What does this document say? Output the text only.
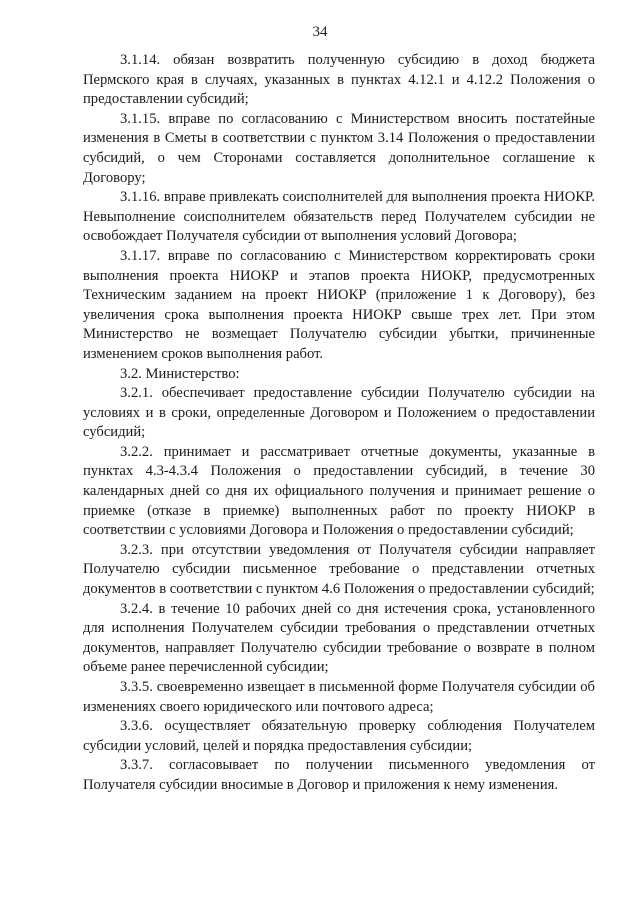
34

3.1.14. обязан возвратить полученную субсидию в доход бюджета Пермского края в случаях, указанных в пунктах 4.12.1 и 4.12.2 Положения о предоставлении субсидий;

3.1.15. вправе по согласованию с Министерством вносить постатейные изменения в Сметы в соответствии с пунктом 3.14 Положения о предоставлении субсидий, о чем Сторонами составляется дополнительное соглашение к Договору;

3.1.16. вправе привлекать соисполнителей для выполнения проекта НИОКР. Невыполнение соисполнителем обязательств перед Получателем субсидии не освобождает Получателя субсидии от выполнения условий Договора;

3.1.17. вправе по согласованию с Министерством корректировать сроки выполнения проекта НИОКР и этапов проекта НИОКР, предусмотренных Техническим заданием на проект НИОКР (приложение 1 к Договору), без увеличения срока выполнения проекта НИОКР свыше трех лет. При этом Министерство не возмещает Получателю субсидии убытки, причиненные изменением сроков выполнения работ.

3.2. Министерство:

3.2.1. обеспечивает предоставление субсидии Получателю субсидии на условиях и в сроки, определенные Договором и Положением о предоставлении субсидий;

3.2.2. принимает и рассматривает отчетные документы, указанные в пунктах 4.3-4.3.4 Положения о предоставлении субсидий, в течение 30 календарных дней со дня их официального получения и принимает решение о приемке (отказе в приемке) выполненных работ по проекту НИОКР в соответствии с условиями Договора и Положения о предоставлении субсидий;

3.2.3. при отсутствии уведомления от Получателя субсидии направляет Получателю субсидии письменное требование о представлении отчетных документов в соответствии с пунктом 4.6 Положения о предоставлении субсидий;

3.2.4. в течение 10 рабочих дней со дня истечения срока, установленного для исполнения Получателем субсидии требования о представлении отчетных документов, направляет Получателю субсидии требование о возврате в полном объеме ранее перечисленной субсидии;

3.3.5. своевременно извещает в письменной форме Получателя субсидии об изменениях своего юридического или почтового адреса;

3.3.6. осуществляет обязательную проверку соблюдения Получателем субсидии условий, целей и порядка предоставления субсидии;

3.3.7. согласовывает по получении письменного уведомления от Получателя субсидии вносимые в Договор и приложения к нему изменения.
